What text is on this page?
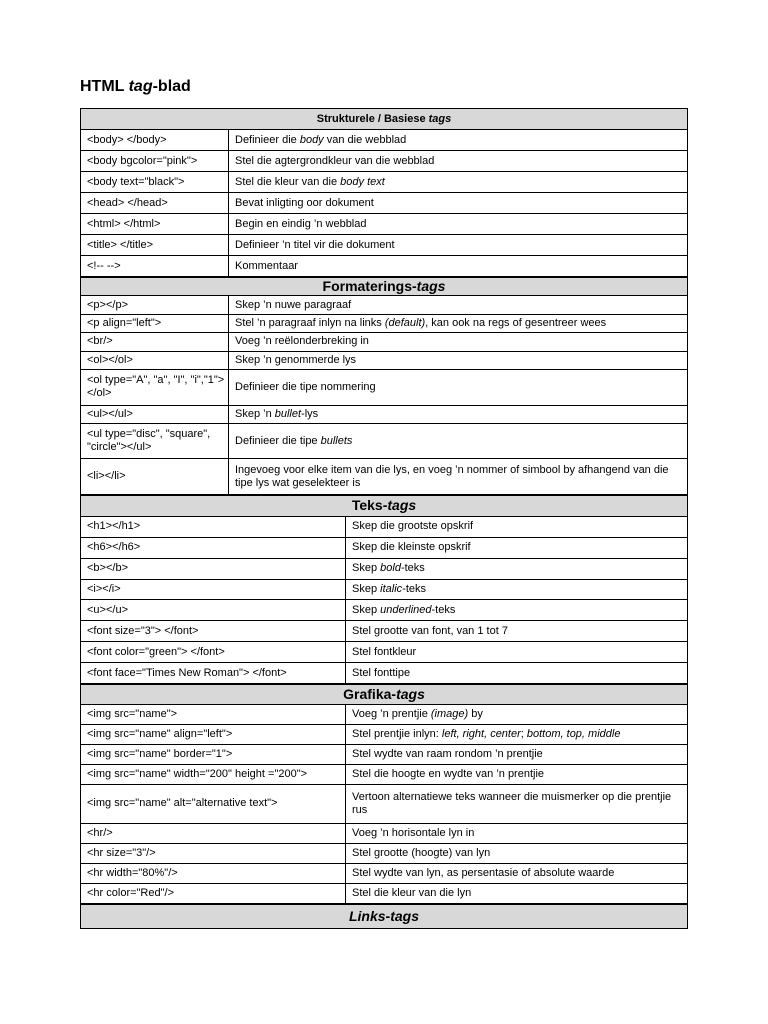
HTML tag-blad
Strukturele / Basiese tags	
<body> </body>	Definieer die body van die webblad
<body bgcolor="pink">	Stel die agtergrondkleur van die webblad
<body text="black">	Stel die kleur van die body text
<head> </head>	Bevat inligting oor dokument
<html> </html>	Begin en eindig ’n webblad
<title> </title>	Definieer ’n titel vir die dokument
<!-- -->	Kommentaar
Formaterings-tags	
<p></p>	Skep ’n nuwe paragraaf
<p align="left">	Stel ’n paragraaf inlyn na links (default), kan ook na regs of gesentreer wees
<br/>	Voeg ’n reëlonderbreking in
<ol></ol>	Skep ’n genommerde lys
<ol type="A", "a", "I", "i","1"></ol>	Definieer die tipe nommering
<ul></ul>	Skep ’n bullet-lys
<ul type="disc", "square", "circle"></ul>	Definieer die tipe bullets
<li></li>	Ingevoeg voor elke item van die lys, en voeg ’n nommer of simbool by afhangend van die tipe lys wat geselekteer is
Teks-tags	
<h1></h1>	Skep die grootste opskrif
<h6></h6>	Skep die kleinste opskrif
<b></b>	Skep bold-teks
<i></i>	Skep italic-teks
<u></u>	Skep underlined-teks
<font size="3"> </font>	Stel grootte van font, van 1 tot 7
<font color="green"> </font>	Stel fontkleur
<font face="Times New Roman"> </font>	Stel fonttipe
Grafika-tags	
<img src="name">	Voeg ’n prentjie (image) by
<img src="name" align="left">	Stel prentjie inlyn: left, right, center; bottom, top, middle
<img src="name" border="1">	Stel wydte van raam rondom ’n prentjie
<img src="name" width="200" height ="200">	Stel die hoogte en wydte van ’n prentjie
<img src="name" alt="alternative text">	Vertoon alternatiewe teks wanneer die muismerker op die prentjie rus
<hr/>	Voeg ’n horisontale lyn in
<hr size="3"/>	Stel grootte (hoogte) van lyn
<hr width="80%"/>	Stel wydte van lyn, as persentasie of absolute waarde
<hr color="Red"/>	Stel die kleur van die lyn
Links-tags
